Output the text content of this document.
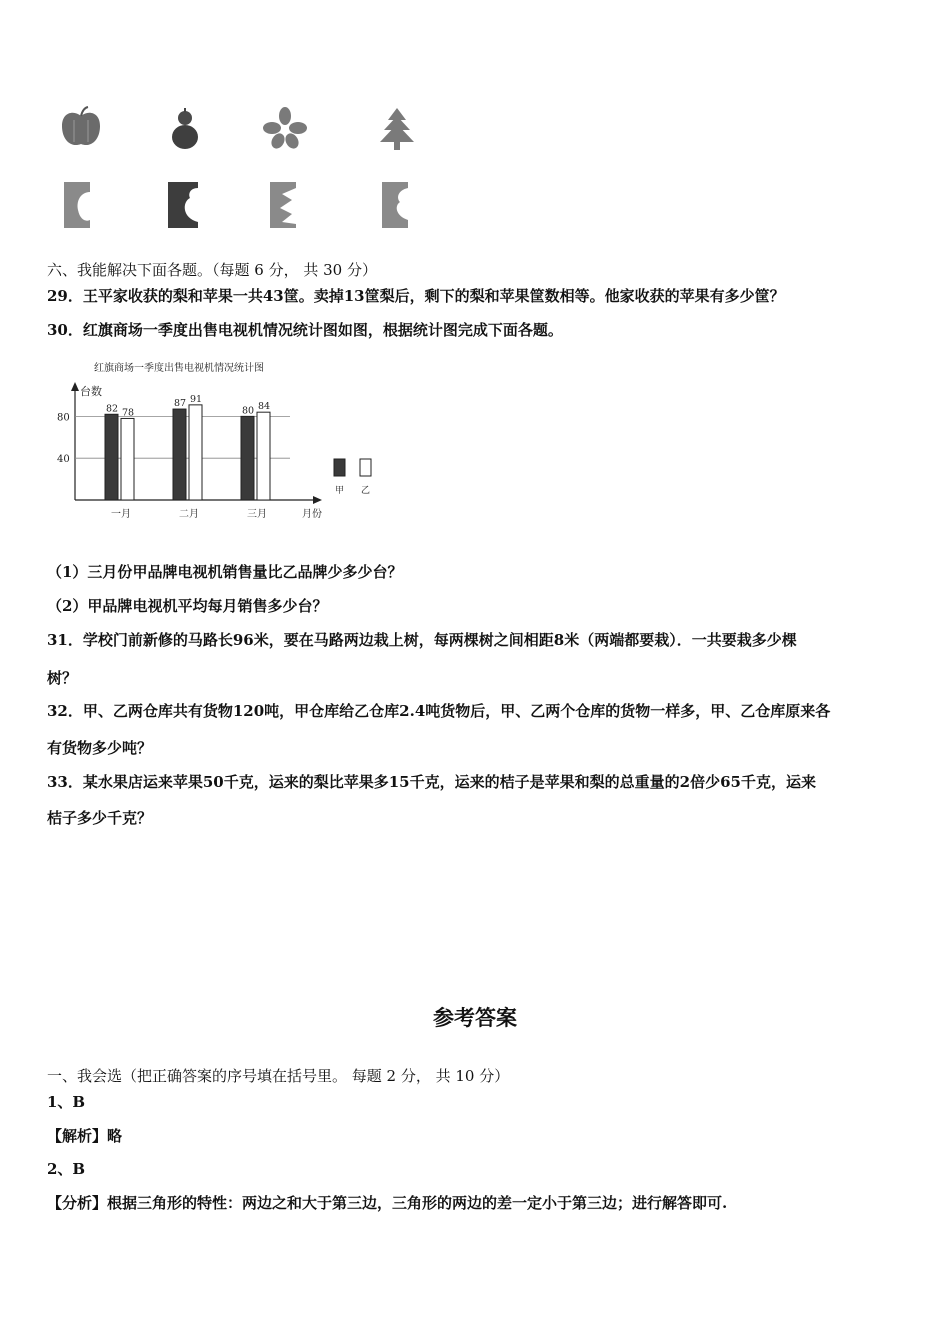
六、我能解决下面各题。（每题 6 分， 共 30 分）
29．王平家收获的梨和苹果一共43筐。卖掉13筐梨后，剩下的梨和苹果筐数相等。他家收获的苹果有多少筐？
30．红旗商场一季度出售电视机情况统计图如图，根据统计图完成下面各题。
红旗商场一季度出售电视机情况统计图
台数
月份
40
80
82 78
一月
87 91
二月
80 84
三月
甲 乙
（1）三月份甲品牌电视机销售量比乙品牌少多少台？
（2）甲品牌电视机平均每月销售多少台？
31．学校门前新修的马路长96米，要在马路两边栽上树，每两棵树之间相距8米（两端都要栽）．一共要栽多少棵
树？
32．甲、乙两仓库共有货物120吨，甲仓库给乙仓库2.4吨货物后，甲、乙两个仓库的货物一样多，甲、乙仓库原来各
有货物多少吨？
33．某水果店运来苹果50千克，运来的梨比苹果多15千克，运来的桔子是苹果和梨的总重量的2倍少65千克，运来
桔子多少千克？
参考答案
一、我会选（把正确答案的序号填在括号里。 每题 2 分， 共 10 分）
1、B
【解析】略
2、B
【分析】根据三角形的特性：两边之和大于第三边，三角形的两边的差一定小于第三边；进行解答即可.
